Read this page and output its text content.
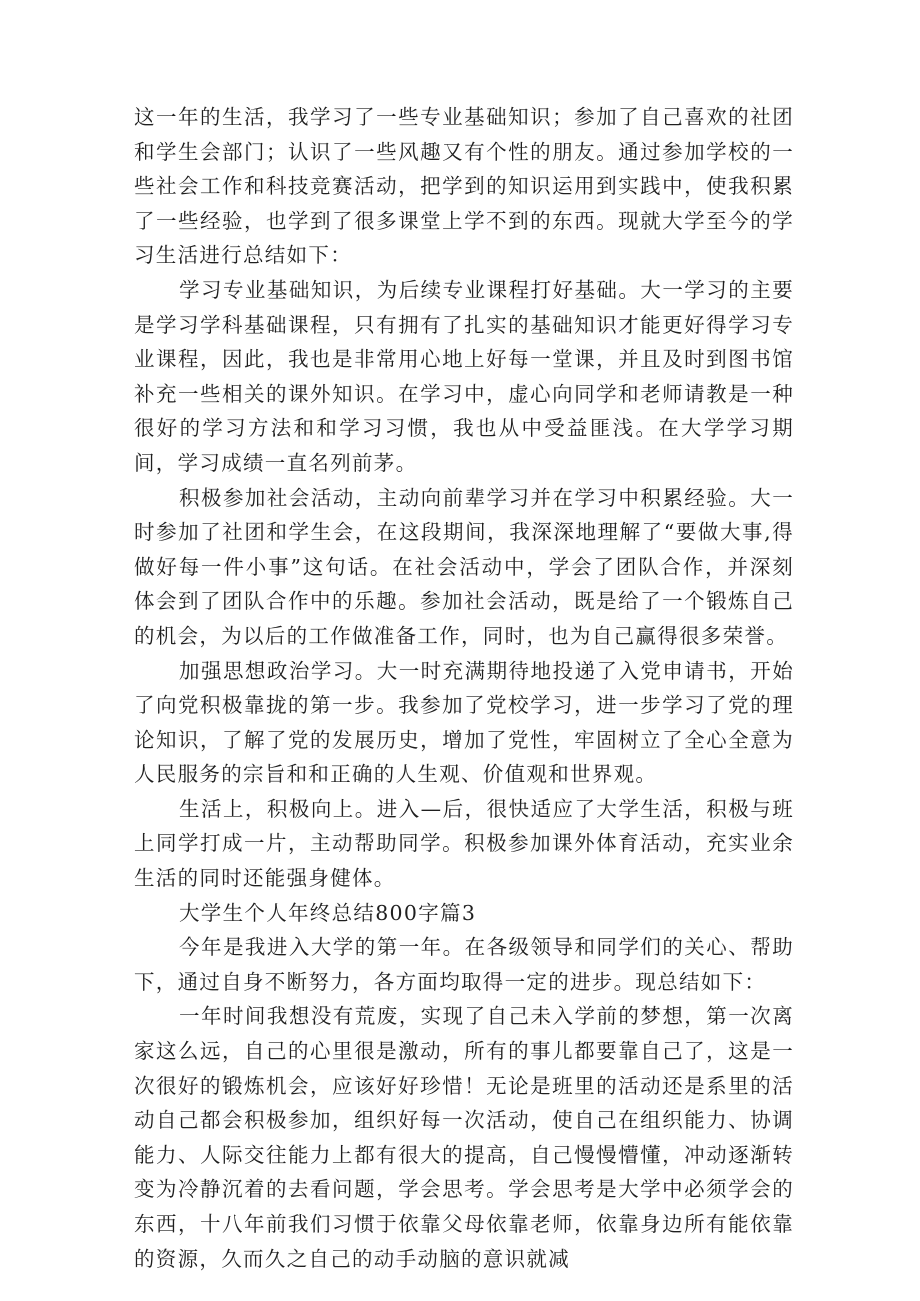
这一年的生活，我学习了一些专业基础知识；参加了自己喜欢的社团和学生会部门；认识了一些风趣又有个性的朋友。通过参加学校的一些社会工作和科技竞赛活动，把学到的知识运用到实践中，使我积累了一些经验，也学到了很多课堂上学不到的东西。现就大学至今的学习生活进行总结如下：

学习专业基础知识，为后续专业课程打好基础。大一学习的主要是学习学科基础课程，只有拥有了扎实的基础知识才能更好得学习专业课程，因此，我也是非常用心地上好每一堂课，并且及时到图书馆补充一些相关的课外知识。在学习中，虚心向同学和老师请教是一种很好的学习方法和和学习习惯，我也从中受益匪浅。在大学学习期间，学习成绩一直名列前茅。

积极参加社会活动，主动向前辈学习并在学习中积累经验。大一时参加了社团和学生会，在这段期间，我深深地理解了“要做大事,得做好每一件小事”这句话。在社会活动中，学会了团队合作，并深刻体会到了团队合作中的乐趣。参加社会活动，既是给了一个锻炼自己的机会，为以后的工作做准备工作，同时，也为自己赢得很多荣誉。

加强思想政治学习。大一时充满期待地投递了入党申请书，开始了向党积极靠拢的第一步。我参加了党校学习，进一步学习了党的理论知识，了解了党的发展历史，增加了党性，牢固树立了全心全意为人民服务的宗旨和和正确的人生观、价值观和世界观。

生活上，积极向上。进入—后，很快适应了大学生活，积极与班上同学打成一片，主动帮助同学。积极参加课外体育活动，充实业余生活的同时还能强身健体。

大学生个人年终总结800字篇3

今年是我进入大学的第一年。在各级领导和同学们的关心、帮助下，通过自身不断努力，各方面均取得一定的进步。现总结如下：

一年时间我想没有荒废，实现了自己未入学前的梦想，第一次离家这么远，自己的心里很是激动，所有的事儿都要靠自己了，这是一次很好的锻炼机会，应该好好珍惜！无论是班里的活动还是系里的活动自己都会积极参加，组织好每一次活动，使自己在组织能力、协调能力、人际交往能力上都有很大的提高，自己慢慢懵懂，冲动逐渐转变为冷静沉着的去看问题，学会思考。学会思考是大学中必须学会的东西，十八年前我们习惯于依靠父母依靠老师，依靠身边所有能依靠的资源，久而久之自己的动手动脑的意识就减
